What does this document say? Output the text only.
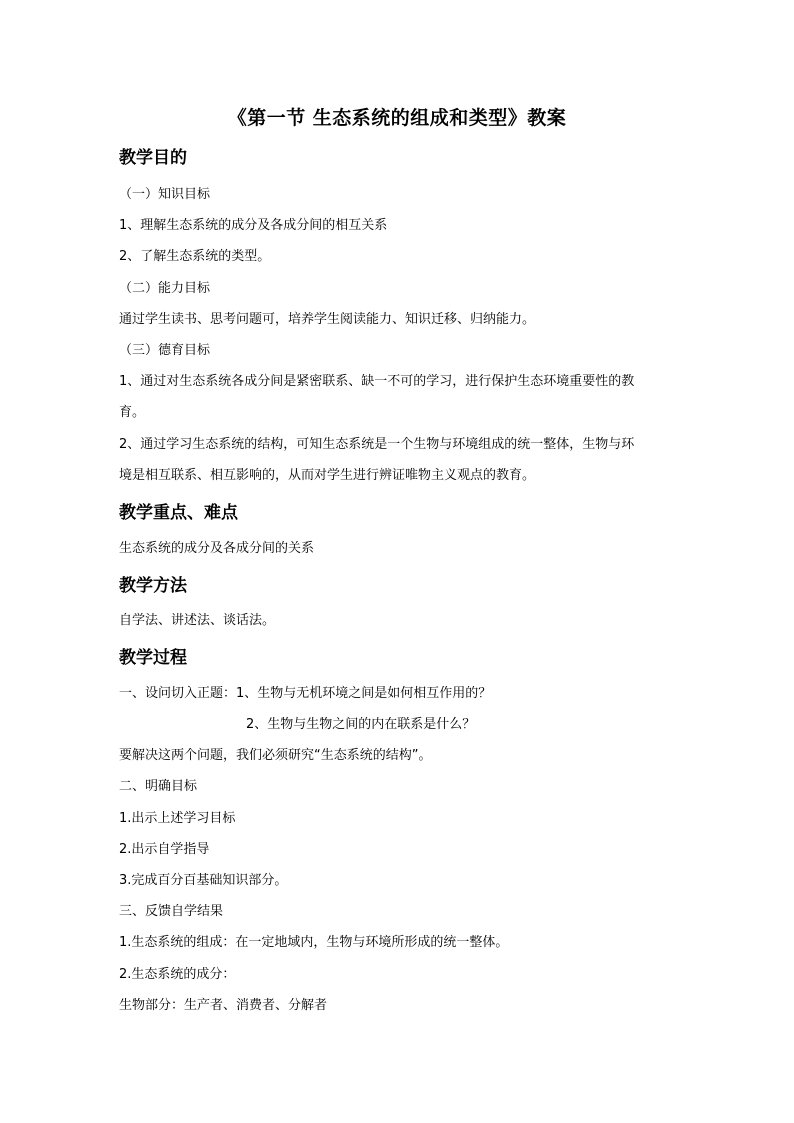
《第一节 生态系统的组成和类型》教案
教学目的
（一）知识目标
1、理解生态系统的成分及各成分间的相互关系
2、了解生态系统的类型。
（二）能力目标
通过学生读书、思考问题可，培养学生阅读能力、知识迁移、归纳能力。
（三）德育目标
1、通过对生态系统各成分间是紧密联系、缺一不可的学习，进行保护生态环境重要性的教
育。
2、通过学习生态系统的结构，可知生态系统是一个生物与环境组成的统一整体，生物与环
境是相互联系、相互影响的，从而对学生进行辨证唯物主义观点的教育。
教学重点、难点
生态系统的成分及各成分间的关系
教学方法
自学法、讲述法、谈话法。
教学过程
一、设问切入正题：1、生物与无机环境之间是如何相互作用的？
2、生物与生物之间的内在联系是什么？
要解决这两个问题，我们必须研究“生态系统的结构”。
二、明确目标
1.出示上述学习目标
2.出示自学指导
3.完成百分百基础知识部分。
三、反馈自学结果
1.生态系统的组成：在一定地域内，生物与环境所形成的统一整体。
2.生态系统的成分：
生物部分：生产者、消费者、分解者
